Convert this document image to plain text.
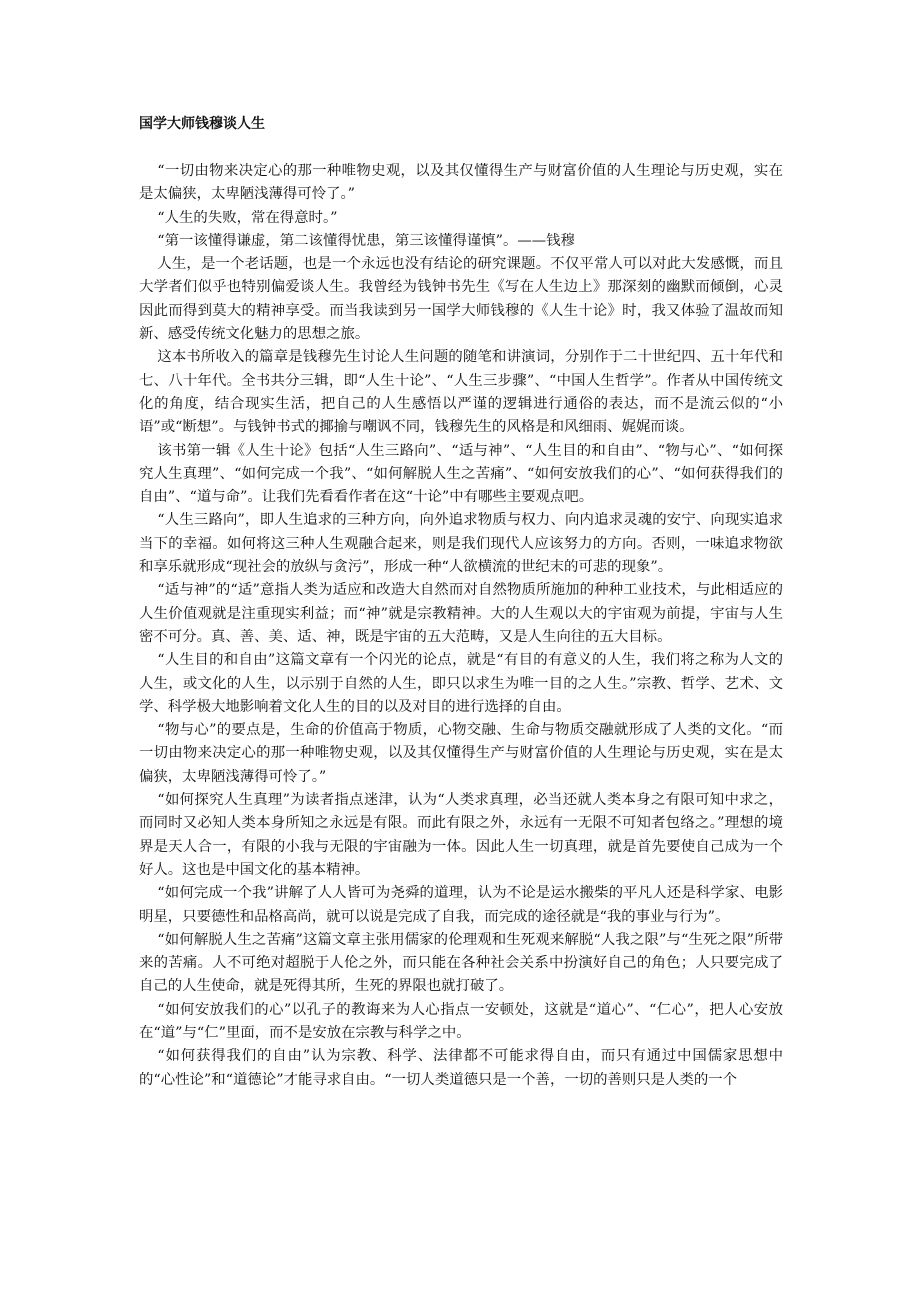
国学大师钱穆谈人生

“一切由物来决定心的那一种唯物史观，以及其仅懂得生产与财富价值的人生理论与历史观，实在是太偏狭，太卑陋浅薄得可怜了。”

“人生的失败，常在得意时。”

“第一该懂得谦虚，第二该懂得忧患，第三该懂得谨慎”。——钱穆

人生，是一个老话题，也是一个永远也没有结论的研究课题。不仅平常人可以对此大发感慨，而且大学者们似乎也特别偏爱谈人生。我曾经为钱钟书先生《写在人生边上》那深刻的幽默而倾倒，心灵因此而得到莫大的精神享受。而当我读到另一国学大师钱穆的《人生十论》时，我又体验了温故而知新、感受传统文化魅力的思想之旅。

这本书所收入的篇章是钱穆先生讨论人生问题的随笔和讲演词，分别作于二十世纪四、五十年代和七、八十年代。全书共分三辑，即“人生十论”、“人生三步骤”、“中国人生哲学”。作者从中国传统文化的角度，结合现实生活，把自己的人生感悟以严谨的逻辑进行通俗的表达，而不是流云似的“小语”或“断想”。与钱钟书式的揶揄与嘲讽不同，钱穆先生的风格是和风细雨、娓娓而谈。

该书第一辑《人生十论》包括“人生三路向”、“适与神”、“人生目的和自由”、“物与心”、“如何探究人生真理”、“如何完成一个我”、“如何解脱人生之苦痛”、“如何安放我们的心”、“如何获得我们的自由”、“道与命”。让我们先看看作者在这“十论”中有哪些主要观点吧。

“人生三路向”，即人生追求的三种方向，向外追求物质与权力、向内追求灵魂的安宁、向现实追求当下的幸福。如何将这三种人生观融合起来，则是我们现代人应该努力的方向。否则，一味追求物欲和享乐就形成“现社会的放纵与贪污”，形成一种“人欲横流的世纪末的可悲的现象”。

“适与神”的“适”意指人类为适应和改造大自然而对自然物质所施加的种种工业技术，与此相适应的人生价值观就是注重现实利益；而“神”就是宗教精神。大的人生观以大的宇宙观为前提，宇宙与人生密不可分。真、善、美、适、神，既是宇宙的五大范畴，又是人生向往的五大目标。

“人生目的和自由”这篇文章有一个闪光的论点，就是“有目的有意义的人生，我们将之称为人文的人生，或文化的人生，以示别于自然的人生，即只以求生为唯一目的之人生。”宗教、哲学、艺术、文学、科学极大地影响着文化人生的目的以及对目的进行选择的自由。

“物与心”的要点是，生命的价值高于物质，心物交融、生命与物质交融就形成了人类的文化。“而一切由物来决定心的那一种唯物史观，以及其仅懂得生产与财富价值的人生理论与历史观，实在是太偏狭，太卑陋浅薄得可怜了。”

“如何探究人生真理”为读者指点迷津，认为“人类求真理，必当还就人类本身之有限可知中求之，而同时又必知人类本身所知之永远是有限。而此有限之外，永远有一无限不可知者包络之。”理想的境界是天人合一，有限的小我与无限的宇宙融为一体。因此人生一切真理，就是首先要使自己成为一个好人。这也是中国文化的基本精神。

“如何完成一个我”讲解了人人皆可为尧舜的道理，认为不论是运水搬柴的平凡人还是科学家、电影明星，只要德性和品格高尚，就可以说是完成了自我，而完成的途径就是“我的事业与行为”。

“如何解脱人生之苦痛”这篇文章主张用儒家的伦理观和生死观来解脱“人我之限”与“生死之限”所带来的苦痛。人不可绝对超脱于人伦之外，而只能在各种社会关系中扮演好自己的角色；人只要完成了自己的人生使命，就是死得其所，生死的界限也就打破了。

“如何安放我们的心”以孔子的教诲来为人心指点一安顿处，这就是“道心”、“仁心”，把人心安放在“道”与“仁”里面，而不是安放在宗教与科学之中。

“如何获得我们的自由”认为宗教、科学、法律都不可能求得自由，而只有通过中国儒家思想中的“心性论”和“道德论”才能寻求自由。“一切人类道德只是一个善，一切的善则只是人类的一个
